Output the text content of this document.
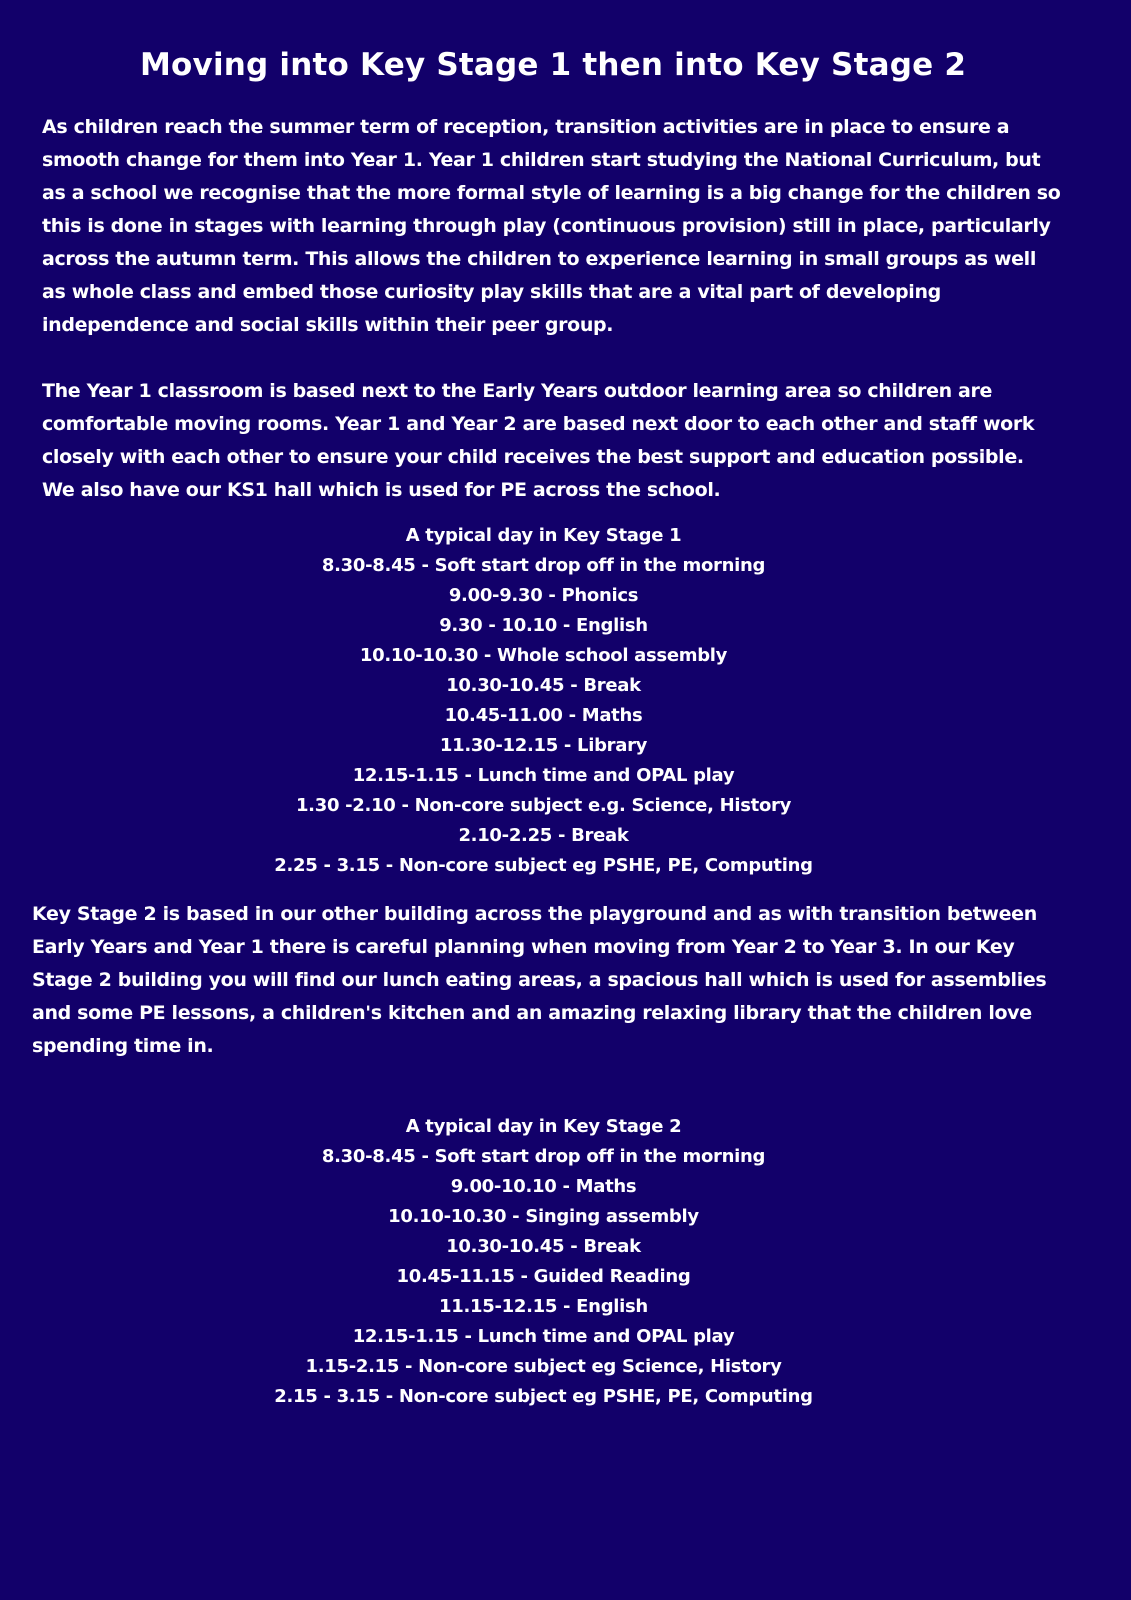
Moving into Key Stage 1 then into Key Stage 2

As children reach the summer term of reception, transition activities are in place to ensure a
smooth change for them into Year 1. Year 1 children start studying the National Curriculum, but
as a school we recognise that the more formal style of learning is a big change for the children so
this is done in stages with learning through play (continuous provision) still in place, particularly
across the autumn term. This allows the children to experience learning in small groups as well
as whole class and embed those curiosity play skills that are a vital part of developing
independence and social skills within their peer group.

The Year 1 classroom is based next to the Early Years outdoor learning area so children are
comfortable moving rooms. Year 1 and Year 2 are based next door to each other and staff work
closely with each other to ensure your child receives the best support and education possible.
We also have our KS1 hall which is used for PE across the school.

A typical day in Key Stage 1
8.30-8.45 - Soft start drop off in the morning
9.00-9.30 - Phonics
9.30 - 10.10 - English
10.10-10.30 - Whole school assembly
10.30-10.45 - Break
10.45-11.00 - Maths
11.30-12.15 - Library
12.15-1.15 - Lunch time and OPAL play
1.30 -2.10 - Non-core subject e.g. Science, History
2.10-2.25 - Break
2.25 - 3.15 - Non-core subject eg PSHE, PE, Computing

Key Stage 2 is based in our other building across the playground and as with transition between
Early Years and Year 1 there is careful planning when moving from Year 2 to Year 3. In our Key
Stage 2 building you will find our lunch eating areas, a spacious hall which is used for assemblies
and some PE lessons, a children's kitchen and an amazing relaxing library that the children love
spending time in.

A typical day in Key Stage 2
8.30-8.45 - Soft start drop off in the morning
9.00-10.10 - Maths
10.10-10.30 - Singing assembly
10.30-10.45 - Break
10.45-11.15 - Guided Reading
11.15-12.15 - English
12.15-1.15 - Lunch time and OPAL play
1.15-2.15 - Non-core subject eg Science, History
2.15 - 3.15 - Non-core subject eg PSHE, PE, Computing
